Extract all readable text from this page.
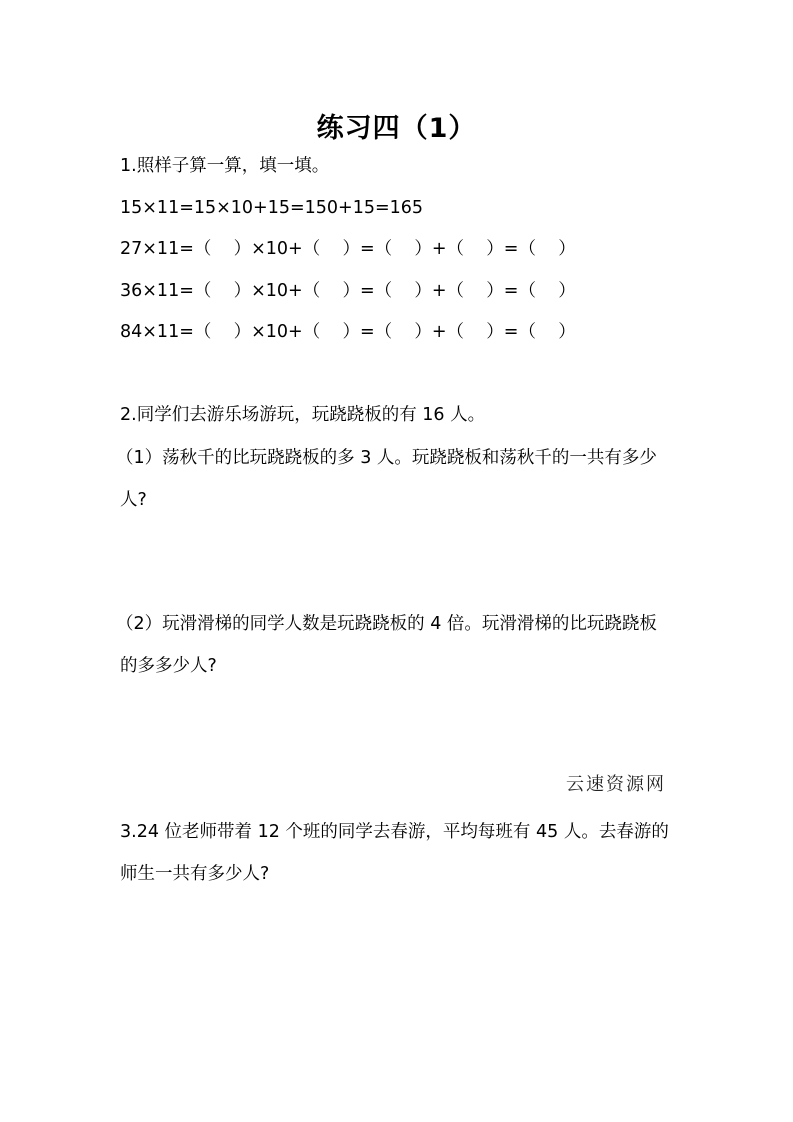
练习四（1）
1.照样子算一算，填一填。
15×11=15×10+15=150+15=165
27×11=（    ）×10+（    ）=（    ）+（    ）=（    ）
36×11=（    ）×10+（    ）=（    ）+（    ）=（    ）
84×11=（    ）×10+（    ）=（    ）+（    ）=（    ）
2.同学们去游乐场游玩，玩跷跷板的有 16 人。
（1）荡秋千的比玩跷跷板的多 3 人。玩跷跷板和荡秋千的一共有多少
人?
（2）玩滑滑梯的同学人数是玩跷跷板的 4 倍。玩滑滑梯的比玩跷跷板
的多多少人?
云速资源网
3.24 位老师带着 12 个班的同学去春游，平均每班有 45 人。去春游的
师生一共有多少人?
